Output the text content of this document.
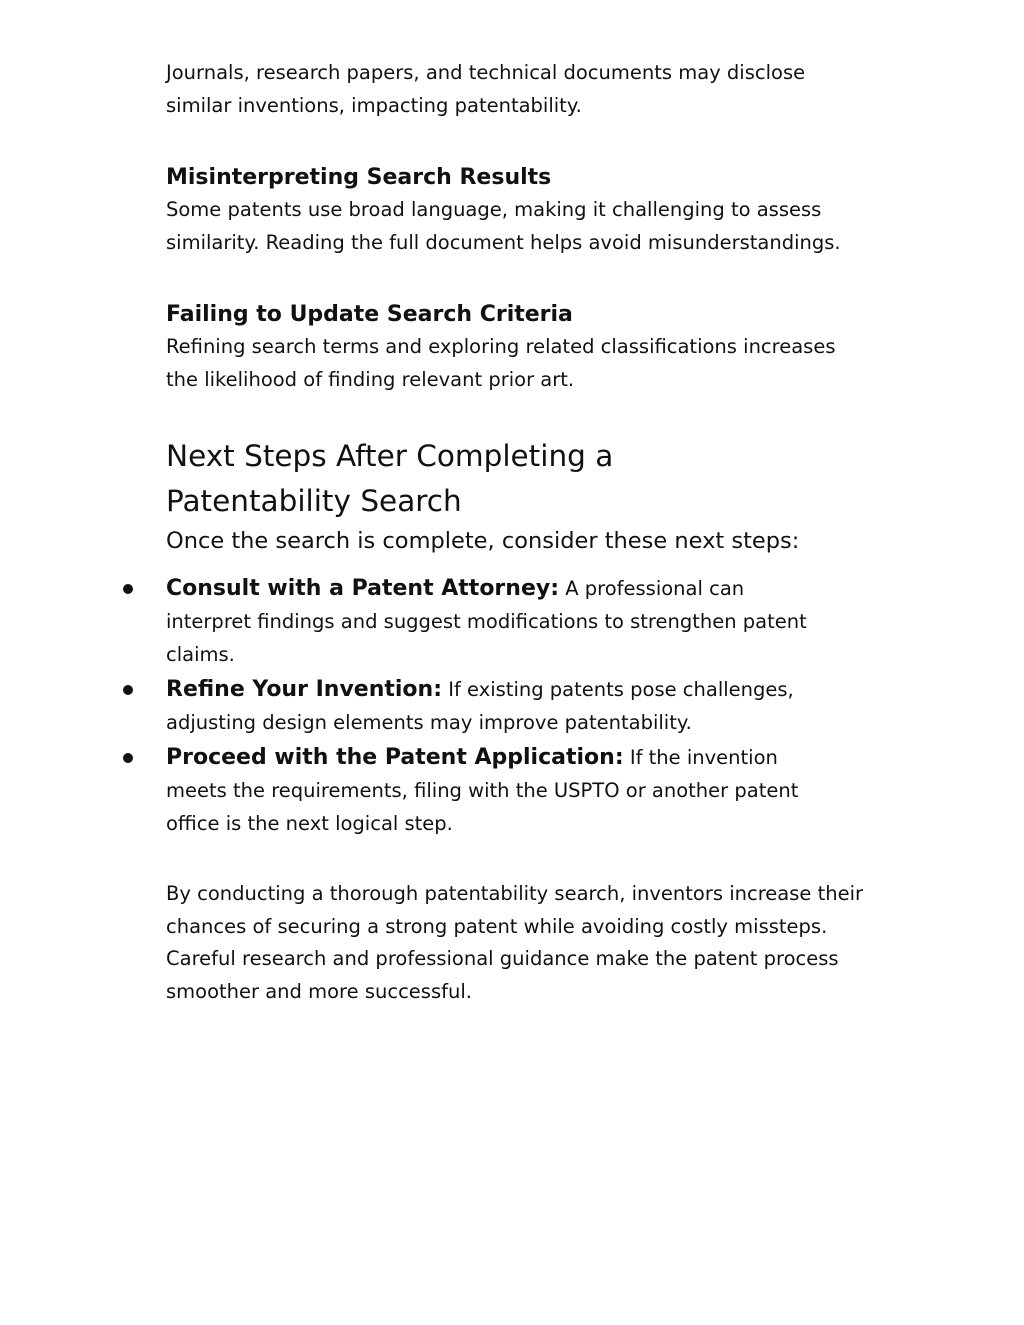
Journals, research papers, and technical documents may disclose similar inventions, impacting patentability.

Misinterpreting Search Results

Some patents use broad language, making it challenging to assess similarity. Reading the full document helps avoid misunderstandings.

Failing to Update Search Criteria

Refining search terms and exploring related classifications increases the likelihood of finding relevant prior art.

Next Steps After Completing a Patentability Search

Once the search is complete, consider these next steps:

Consult with a Patent Attorney: A professional can interpret findings and suggest modifications to strengthen patent claims.
Refine Your Invention: If existing patents pose challenges, adjusting design elements may improve patentability.
Proceed with the Patent Application: If the invention meets the requirements, filing with the USPTO or another patent office is the next logical step.

By conducting a thorough patentability search, inventors increase their chances of securing a strong patent while avoiding costly missteps. Careful research and professional guidance make the patent process smoother and more successful.
